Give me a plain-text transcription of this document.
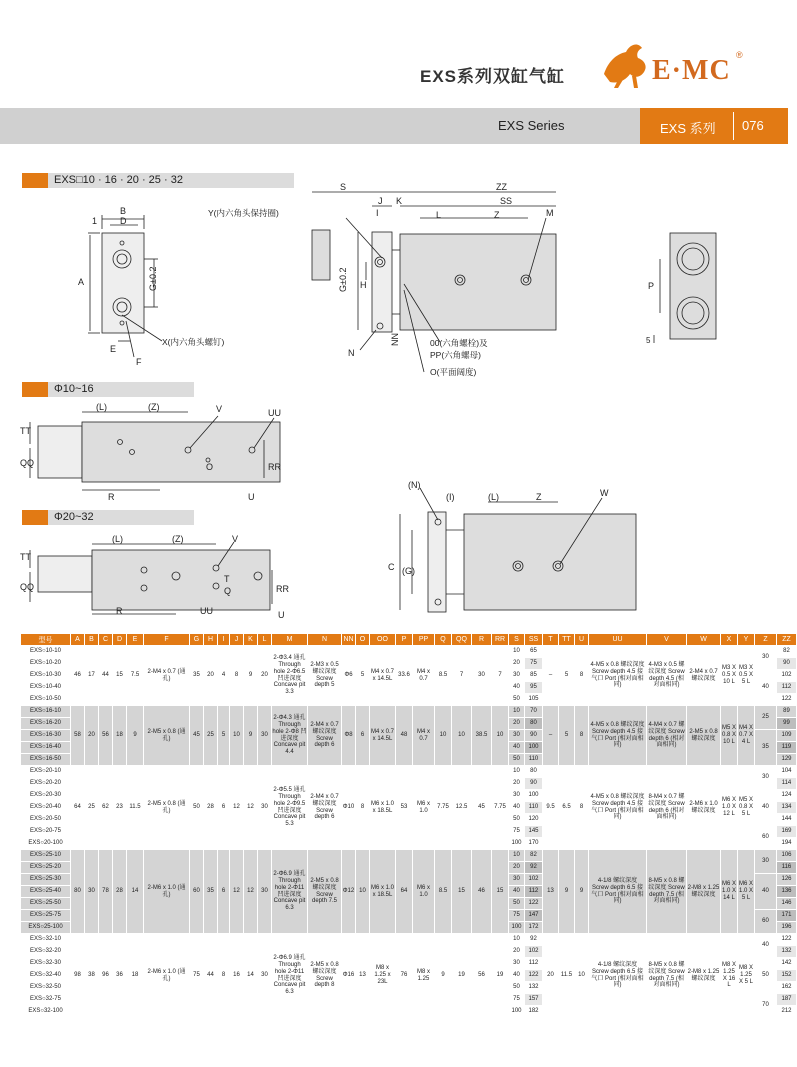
EXS系列双缸气缸	E·MC ®
EXS Series	EXS 系列 076
EXS□10 · 16 · 20 · 25 · 32
Φ10~16
Φ20~32
B
D
1
A	G±0.2
E
F
X(内六角头螺钉)
S	ZZ
J K
I	L	Z
SS
M
H
G±0.2
N
NN
Y(内六角头保持圈)
00(六角螺栓)及
PP(六角螺母)
O(平面阔度)
P
5
(L)	(Z)	V	UU
TT
QQ
R
RR
O
U
(L)	(Z)	V
TT
QQ
R	UU
T
Q	RR
U
(N)
(I)	(L)	Z	W
C (G)
型号	A	B	C	D	E	F	G	H	I	J	K	L	M	N	NN	O	OO	P	PP	Q	QQ	R	RR	S	SS	T	TT	U	UU	V	W	X	Y	Z	ZZ
EXS○10-10	46	17	44	15	7.5	2-M4 x 0.7 (通孔)	35	20	4	8	9	20	2-Φ3.4 通孔 Through hole 2-Φ6.5 凹进深度 Concave pit 3.3	2-M3 x 0.5 螺纹深度 Screw depth 5	Φ6	5	M4 x 0.7 x 14.5L	33.6	M4 x 0.7	8.5	7	30	7	10	65	–	5	8	4-M5 x 0.8 螺纹深度 Screw depth 4.5 接气口 Port (相对面相同)	4-M3 x 0.5 螺纹深度 Screw depth 4.5 (相对面相同)	2-M4 x 0.7 螺纹深度	M3 X 0.5 X 10 L	M3 X 0.5 X 5 L	30	82
EXS○10-20																								20	75										90
EXS○10-30																								30	85									40	102
EXS○10-40																								40	95										112
EXS○10-50																								50	105										122
EXS○16-10	58	20	56	18	9	2-M5 x 0.8 (通孔)	45	25	5	10	9	30	2-Φ4.3 通孔 Through hole 2-Φ8 凹进深度 Concave pit 4.4	2-M4 x 0.7 螺纹深度 Screw depth 6	Φ8	6	M4 x 0.7 x 14.5L	48	M4 x 0.7	10	10	38.5	10	10	70	–	5	8	4-M5 x 0.8 螺纹深度 Screw depth 4.5 接气口 Port (相对面相同)	4-M4 x 0.7 螺纹深度 Screw depth 6 (相对面相同)	2-M5 x 0.8 螺纹深度	M5 X 0.8 X 10 L	M4 X 0.7 X 4 L	25	89
EXS○16-20																								20	80										99
EXS○16-30																								30	90									35	109
EXS○16-40																								40	100										119
EXS○16-50																								50	110										129
EXS○20-10	64	25	62	23	11.5	2-M5 x 0.8 (通孔)	50	28	6	12	12	30	2-Φ5.5 通孔 Through hole 2-Φ9.5 凹进深度 Concave pit 5.3	2-M4 x 0.7 螺纹深度 Screw depth 6	Φ10	8	M6 x 1.0 x 18.5L	53	M6 x 1.0	7.75	12.5	45	7.75	10	80	9.5	6.5	8	4-M5 x 0.8 螺纹深度 Screw depth 4.5 接气口 Port (相对面相同)	8-M4 x 0.7 螺纹深度 Screw depth 6 (相对面相同)	2-M6 x 1.0 螺纹深度	M6 X 1.0 X 12 L	M5 X 0.8 X 5 L	30	104
EXS○20-20																								20	90										114
EXS○20-30																								30	100									40	124
EXS○20-40																								40	110										134
EXS○20-50																								50	120										144
EXS○20-75																								75	145									60	169
EXS○20-100																								100	170										194
EXS○25-10	80	30	78	28	14	2-M6 x 1.0 (通孔)	60	35	6	12	12	30	2-Φ6.9 通孔 Through hole 2-Φ11 凹进深度 Concave pit 6.3	2-M5 x 0.8 螺纹深度 Screw depth 7.5	Φ12	10	M6 x 1.0 x 18.5L	64	M6 x 1.0	8.5	15	46	15	10	82	13	9	9	4-1/8 螺纹深度 Screw depth 6.5 接气口 Port (相对面相同)	8-M5 x 0.8 螺纹深度 Screw depth 7.5 (相对面相同)	2-M8 x 1.25 螺纹深度	M6 X 1.0 X 14 L	M6 X 1.0 X 5 L	30	106
EXS○25-20																								20	92										116
EXS○25-30																								30	102									40	126
EXS○25-40																								40	112										136
EXS○25-50																								50	122										146
EXS○25-75																								75	147									60	171
EXS○25-100																								100	172										196
EXS○32-10	98	38	96	36	18	2-M6 x 1.0 (通孔)	75	44	8	16	14	30	2-Φ6.9 通孔 Through hole 2-Φ11 凹进深度 Concave pit 6.3	2-M5 x 0.8 螺纹深度 Screw depth 8	Φ16	13	M8 x 1.25 x 23L	76	M8 x 1.25	9	19	56	19	10	92	20	11.5	10	4-1/8 螺纹深度 Screw depth 6.5 接气口 Port (相对面相同)	8-M5 x 0.8 螺纹深度 Screw depth 7.5 (相对面相同)	2-M8 x 1.25 螺纹深度	M8 X 1.25 X 16 L	M8 X 1.25 X 5 L	40	122
EXS○32-20																								20	102										132
EXS○32-30																								30	112									50	142
EXS○32-40																								40	122										152
EXS○32-50																								50	132										162
EXS○32-75																								75	157									70	187
EXS○32-100																								100	182										212
